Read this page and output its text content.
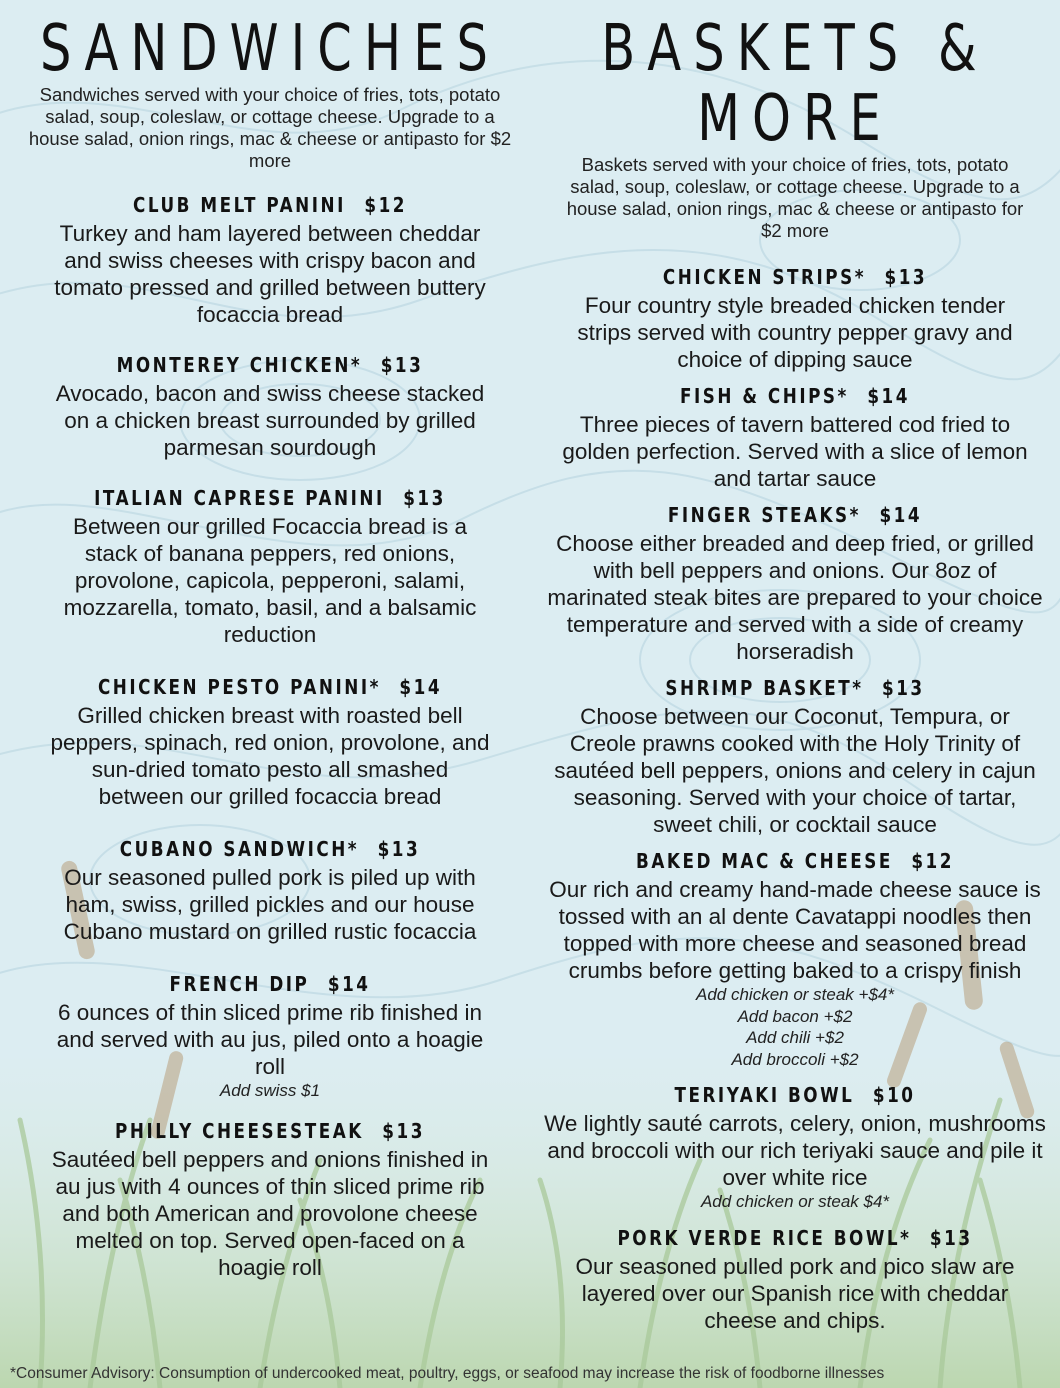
SANDWICHES

Sandwiches served with your choice of fries, tots, potato salad, soup, coleslaw, or cottage cheese. Upgrade to a house salad, onion rings, mac & cheese or antipasto for $2 more

CLUB MELT PANINI $12
Turkey and ham layered between cheddar and swiss cheeses with crispy bacon and tomato pressed and grilled between buttery focaccia bread
MONTEREY CHICKEN* $13
Avocado, bacon and swiss cheese stacked on a chicken breast surrounded by grilled parmesan sourdough
ITALIAN CAPRESE PANINI $13
Between our grilled Focaccia bread is a stack of banana peppers, red onions, provolone, capicola, pepperoni, salami, mozzarella, tomato, basil, and a balsamic reduction
CHICKEN PESTO PANINI* $14
Grilled chicken breast with roasted bell peppers, spinach, red onion, provolone, and sun-dried tomato pesto all smashed between our grilled focaccia bread
CUBANO SANDWICH* $13
Our seasoned pulled pork is piled up with ham, swiss, grilled pickles and our house Cubano mustard on grilled rustic focaccia
FRENCH DIP $14
6 ounces of thin sliced prime rib finished in and served with au jus, piled onto a hoagie roll
Add swiss $1
PHILLY CHEESESTEAK $13
Sautéed bell peppers and onions finished in au jus with 4 ounces of thin sliced prime rib and both American and provolone cheese melted on top. Served open-faced on a hoagie roll
BASKETS & MORE

Baskets served with your choice of fries, tots, potato salad, soup, coleslaw, or cottage cheese. Upgrade to a house salad, onion rings, mac & cheese or antipasto for $2 more

CHICKEN STRIPS* $13
Four country style breaded chicken tender strips served with country pepper gravy and choice of dipping sauce
FISH & CHIPS* $14
Three pieces of tavern battered cod fried to golden perfection. Served with a slice of lemon and tartar sauce
FINGER STEAKS* $14
Choose either breaded and deep fried, or grilled with bell peppers and onions. Our 8oz of marinated steak bites are prepared to your choice temperature and served with a side of creamy horseradish
SHRIMP BASKET* $13
Choose between our Coconut, Tempura, or Creole prawns cooked with the Holy Trinity of sautéed bell peppers, onions and celery in cajun seasoning. Served with your choice of tartar, sweet chili, or cocktail sauce
BAKED MAC & CHEESE $12
Our rich and creamy hand-made cheese sauce is tossed with an al dente Cavatappi noodles then topped with more cheese and seasoned bread crumbs before getting baked to a crispy finish
Add chicken or steak +$4*
Add bacon +$2
Add chili +$2
Add broccoli +$2
TERIYAKI BOWL $10
We lightly sauté carrots, celery, onion, mushrooms and broccoli with our rich teriyaki sauce and pile it over white rice
Add chicken or steak $4*
PORK VERDE RICE BOWL* $13
Our seasoned pulled pork and pico slaw are layered over our Spanish rice with cheddar cheese and chips.
*Consumer Advisory: Consumption of undercooked meat, poultry, eggs, or seafood may increase the risk of foodborne illnesses
